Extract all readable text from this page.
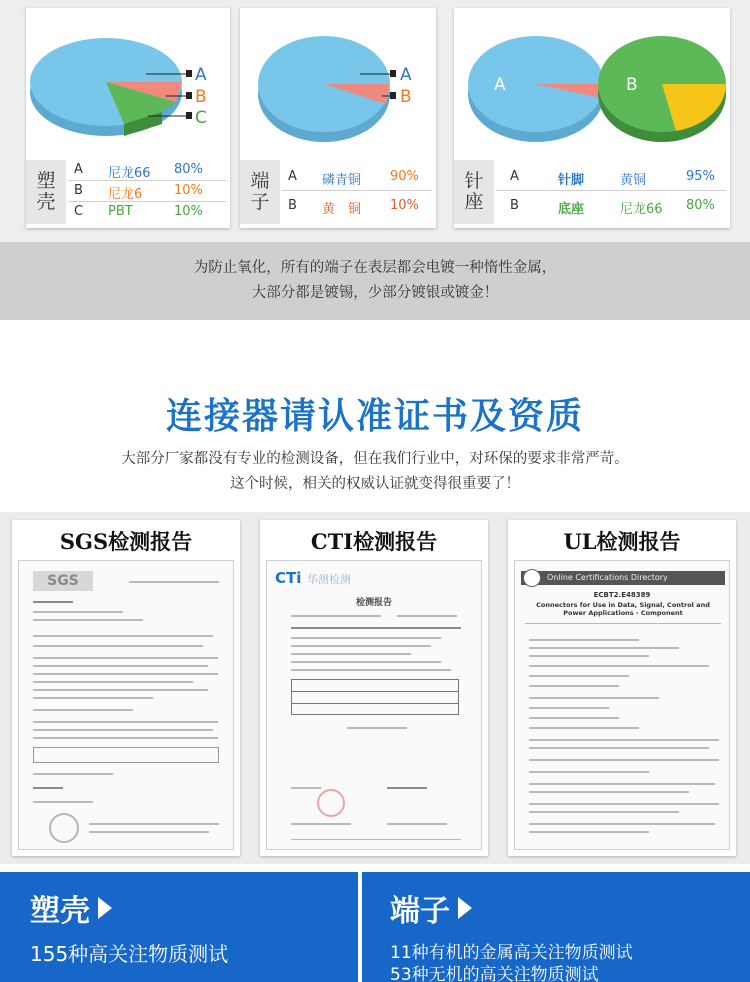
A
B
C
塑
壳
A 尼龙66 80%
B 尼龙6 10%
C PBT	10%
A
B
端
子
A 磷青铜 90%
B 黄　铜 10%
A	B
针
座
A	针脚	黄铜	95%
B	底座	尼龙66 80%
为防止氧化，所有的端子在表层都会电镀一种惰性金属，
大部分都是镀锡，少部分镀银或镀金！
连接器请认准证书及资质
大部分厂家都没有专业的检测设备，但在我们行业中，对环保的要求非常严苛。
这个时候，相关的权威认证就变得很重要了！
SGS检测报告
SGS
CTI检测报告
CTi 华测检测
检测报告
UL检测报告
Online Certifications Directory
ECBT2.E48389
Connectors for Use in Data, Signal, Control and Power Applications - Component
塑壳
155种高关注物质测试
端子
11种有机的金属高关注物质测试
53种无机的高关注物质测试
